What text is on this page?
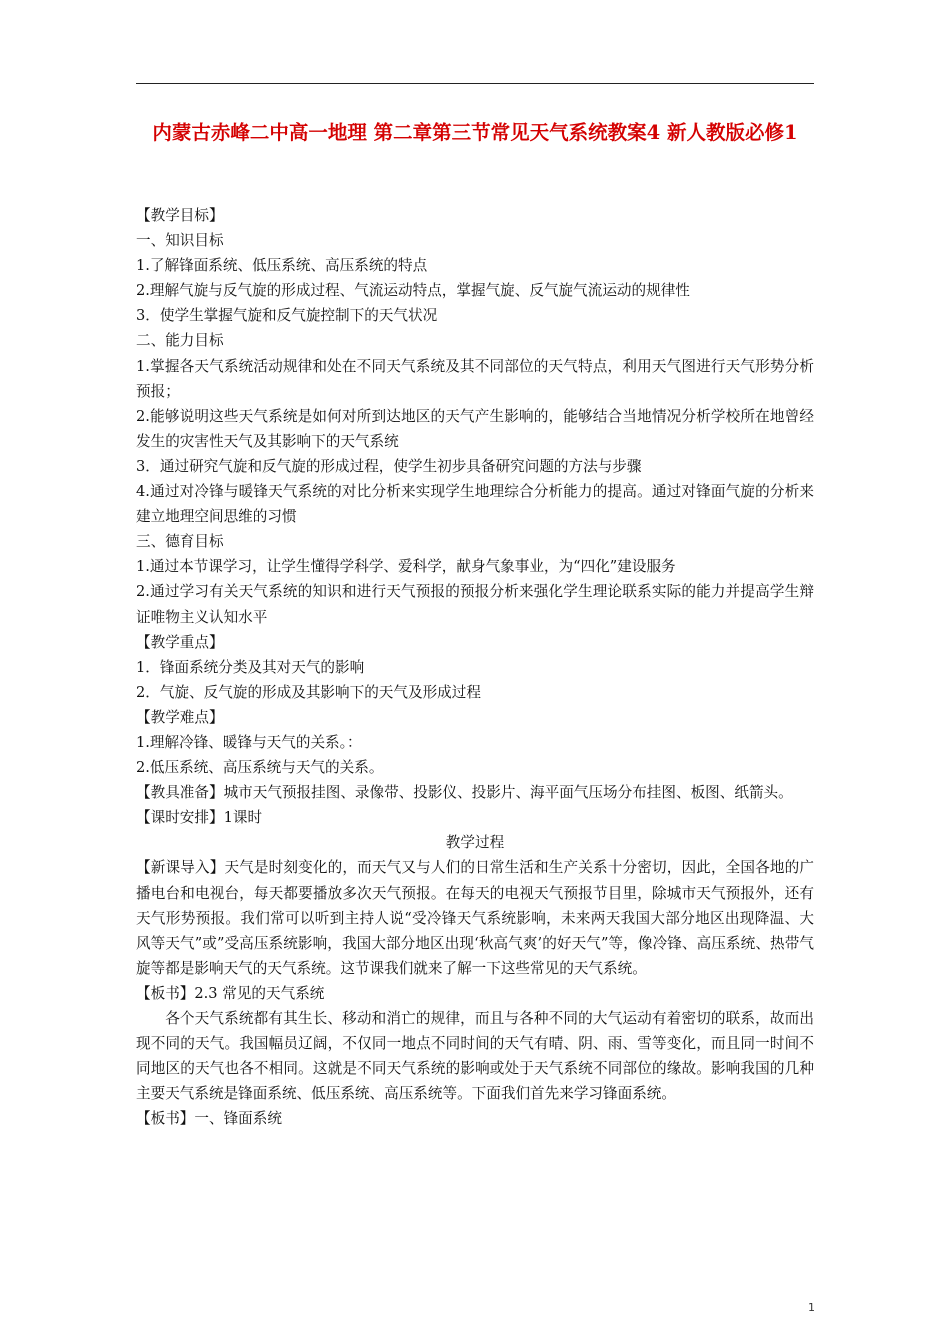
内蒙古赤峰二中高一地理 第二章第三节常见天气系统教案4 新人教版必修1
【教学目标】
一、知识目标
1.了解锋面系统、低压系统、高压系统的特点
2.理解气旋与反气旋的形成过程、气流运动特点，掌握气旋、反气旋气流运动的规律性
3．使学生掌握气旋和反气旋控制下的天气状况
二、能力目标
1.掌握各天气系统活动规律和处在不同天气系统及其不同部位的天气特点，利用天气图进行天气形势分析预报；
2.能够说明这些天气系统是如何对所到达地区的天气产生影响的，能够结合当地情况分析学校所在地曾经发生的灾害性天气及其影响下的天气系统
3．通过研究气旋和反气旋的形成过程，使学生初步具备研究问题的方法与步骤
4.通过对冷锋与暖锋天气系统的对比分析来实现学生地理综合分析能力的提高。通过对锋面气旋的分析来建立地理空间思维的习惯
三、德育目标
1.通过本节课学习，让学生懂得学科学、爱科学，献身气象事业，为“四化”建设服务
2.通过学习有关天气系统的知识和进行天气预报的预报分析来强化学生理论联系实际的能力并提高学生辩证唯物主义认知水平
【教学重点】
1．锋面系统分类及其对天气的影响
2．气旋、反气旋的形成及其影响下的天气及形成过程
【教学难点】
1.理解冷锋、暖锋与天气的关系。：
2.低压系统、高压系统与天气的关系。
【教具准备】城市天气预报挂图、录像带、投影仪、投影片、海平面气压场分布挂图、板图、纸箭头。
【课时安排】1课时
教学过程
【新课导入】天气是时刻变化的，而天气又与人们的日常生活和生产关系十分密切，因此，全国各地的广播电台和电视台，每天都要播放多次天气预报。在每天的电视天气预报节目里，除城市天气预报外，还有天气形势预报。我们常可以听到主持人说“受冷锋天气系统影响，未来两天我国大部分地区出现降温、大风等天气”或”受高压系统影响，我国大部分地区出现‘秋高气爽’的好天气”等，像冷锋、高压系统、热带气旋等都是影响天气的天气系统。这节课我们就来了解一下这些常见的天气系统。
【板书】2.3 常见的天气系统
各个天气系统都有其生长、移动和消亡的规律，而且与各种不同的大气运动有着密切的联系，故而出现不同的天气。我国幅员辽阔，不仅同一地点不同时间的天气有晴、阴、雨、雪等变化，而且同一时间不同地区的天气也各不相同。这就是不同天气系统的影响或处于天气系统不同部位的缘故。影响我国的几种主要天气系统是锋面系统、低压系统、高压系统等。下面我们首先来学习锋面系统。
【板书】一、锋面系统
1
